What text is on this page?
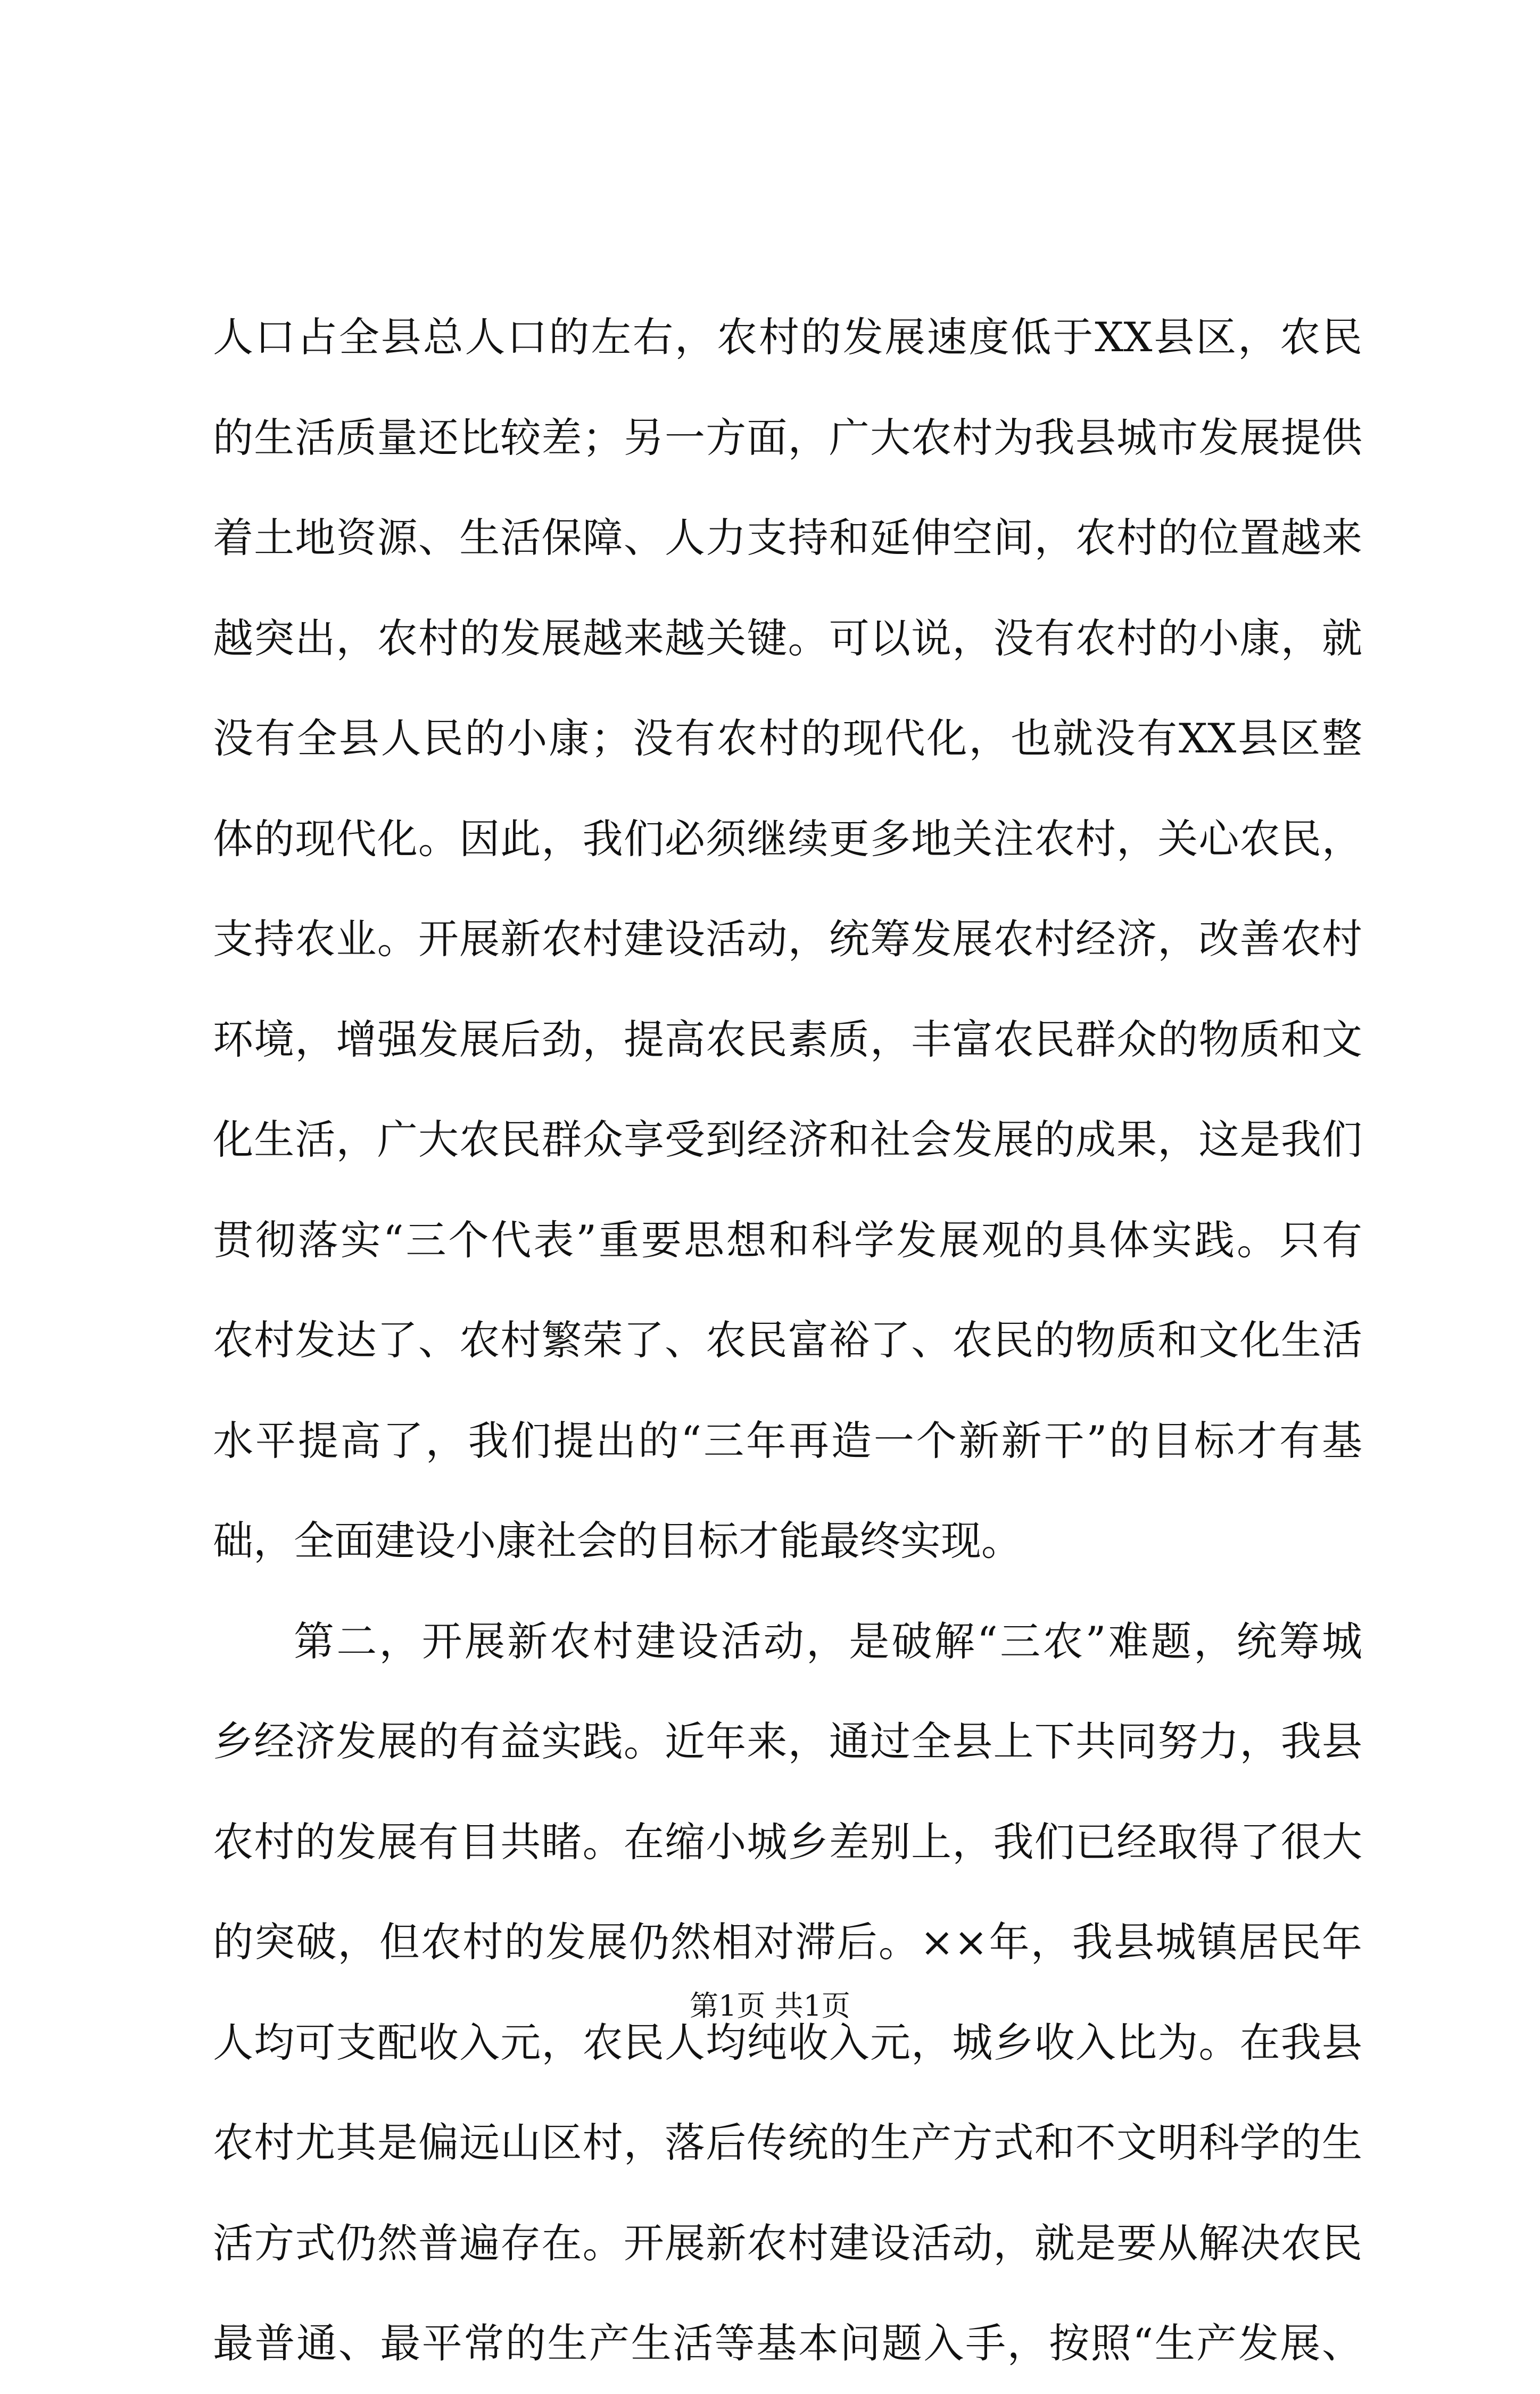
人口占全县总人口的左右，农村的发展速度低于XX县区，农民
的生活质量还比较差；另一方面，广大农村为我县城市发展提供
着土地资源、生活保障、人力支持和延伸空间，农村的位置越来
越突出，农村的发展越来越关键。可以说，没有农村的小康，就
没有全县人民的小康；没有农村的现代化，也就没有XX县区整
体的现代化。因此，我们必须继续更多地关注农村，关心农民，
支持农业。开展新农村建设活动，统筹发展农村经济，改善农村
环境，增强发展后劲，提高农民素质，丰富农民群众的物质和文
化生活，广大农民群众享受到经济和社会发展的成果，这是我们
贯彻落实“三个代表”重要思想和科学发展观的具体实践。只有
农村发达了、农村繁荣了、农民富裕了、农民的物质和文化生活
水平提高了，我们提出的“三年再造一个新新干”的目标才有基
础，全面建设小康社会的目标才能最终实现。
第二，开展新农村建设活动，是破解“三农”难题，统筹城
乡经济发展的有益实践。近年来，通过全县上下共同努力，我县
农村的发展有目共睹。在缩小城乡差别上，我们已经取得了很大
的突破，但农村的发展仍然相对滞后。××年，我县城镇居民年
人均可支配收入元，农民人均纯收入元，城乡收入比为。在我县
农村尤其是偏远山区村，落后传统的生产方式和不文明科学的生
活方式仍然普遍存在。开展新农村建设活动，就是要从解决农民
最普通、最平常的生产生活等基本问题入手，按照“生产发展、
第1页 共1页
